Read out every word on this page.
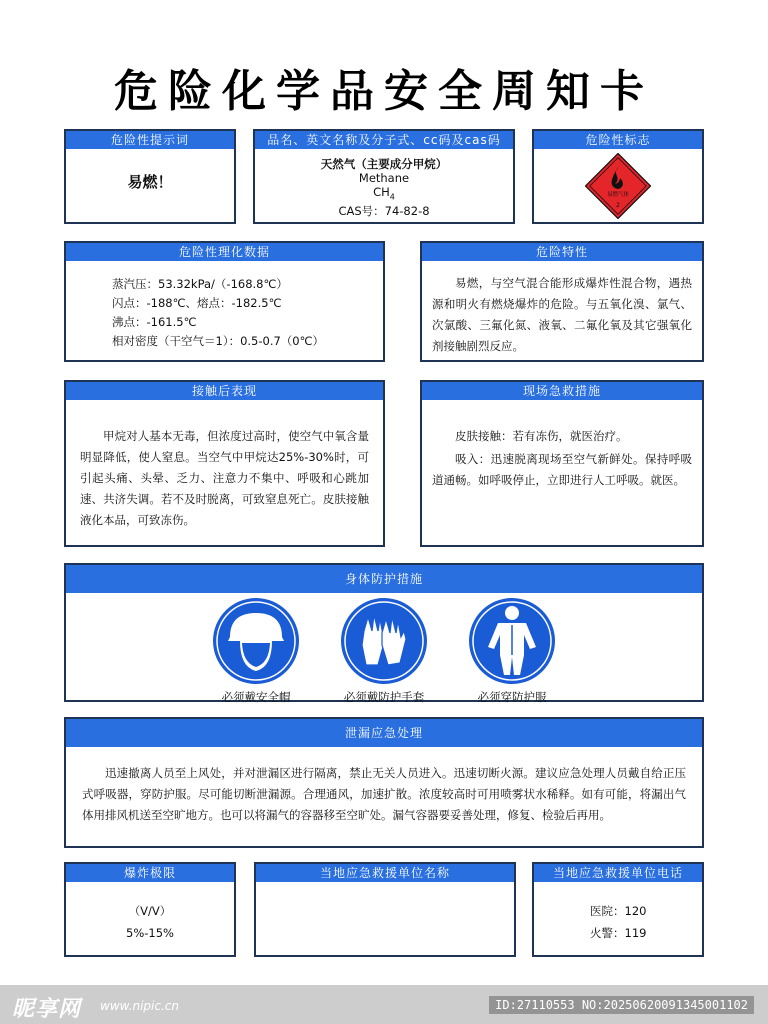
危险化学品安全周知卡
危险性提示词
易燃！
品名、英文名称及分子式、cc码及cas码
天然气（主要成分甲烷）
Methane
$CH_4$
CAS号：74-82-8
危险性标志
易燃气体
2
危险性理化数据
蒸汽压：53.32kPa/（-168.8℃）
闪点：-188℃、熔点：-182.5℃
沸点：-161.5℃
相对密度（干空气＝1）：0.5-0.7（0℃）
危险特性
易燃，与空气混合能形成爆炸性混合物，遇热源和明火有燃烧爆炸的危险。与五氧化溴、氯气、次氯酸、三氟化氮、液氧、二氟化氧及其它强氧化剂接触剧烈反应。
接触后表现
甲烷对人基本无毒，但浓度过高时，使空气中氧含量明显降低，使人窒息。当空气中甲烷达25%-30%时，可引起头痛、头晕、乏力、注意力不集中、呼吸和心跳加速、共济失调。若不及时脱离，可致窒息死亡。皮肤接触液化本品，可致冻伤。
现场急救措施

皮肤接触：若有冻伤，就医治疗。

吸入：迅速脱离现场至空气新鲜处。保持呼吸道通畅。如呼吸停止，立即进行人工呼吸。就医。

身体防护措施
必须戴安全帽	必须戴防护手套	必须穿防护服
泄漏应急处理
迅速撤离人员至上风处，并对泄漏区进行隔离，禁止无关人员进入。迅速切断火源。建议应急处理人员戴自给正压式呼吸器，穿防护服。尽可能切断泄漏源。合理通风，加速扩散。浓度较高时可用喷雾状水稀释。如有可能，将漏出气体用排风机送至空旷地方。也可以将漏气的容器移至空旷处。漏气容器要妥善处理，修复、检验后再用。
爆炸极限
（V/V）
5%-15%
当地应急救援单位名称	当地应急救援单位电话
医院：120
火警：119
昵享网 www.nipic.cn	ID:27110553 NO:20250620091345001102
